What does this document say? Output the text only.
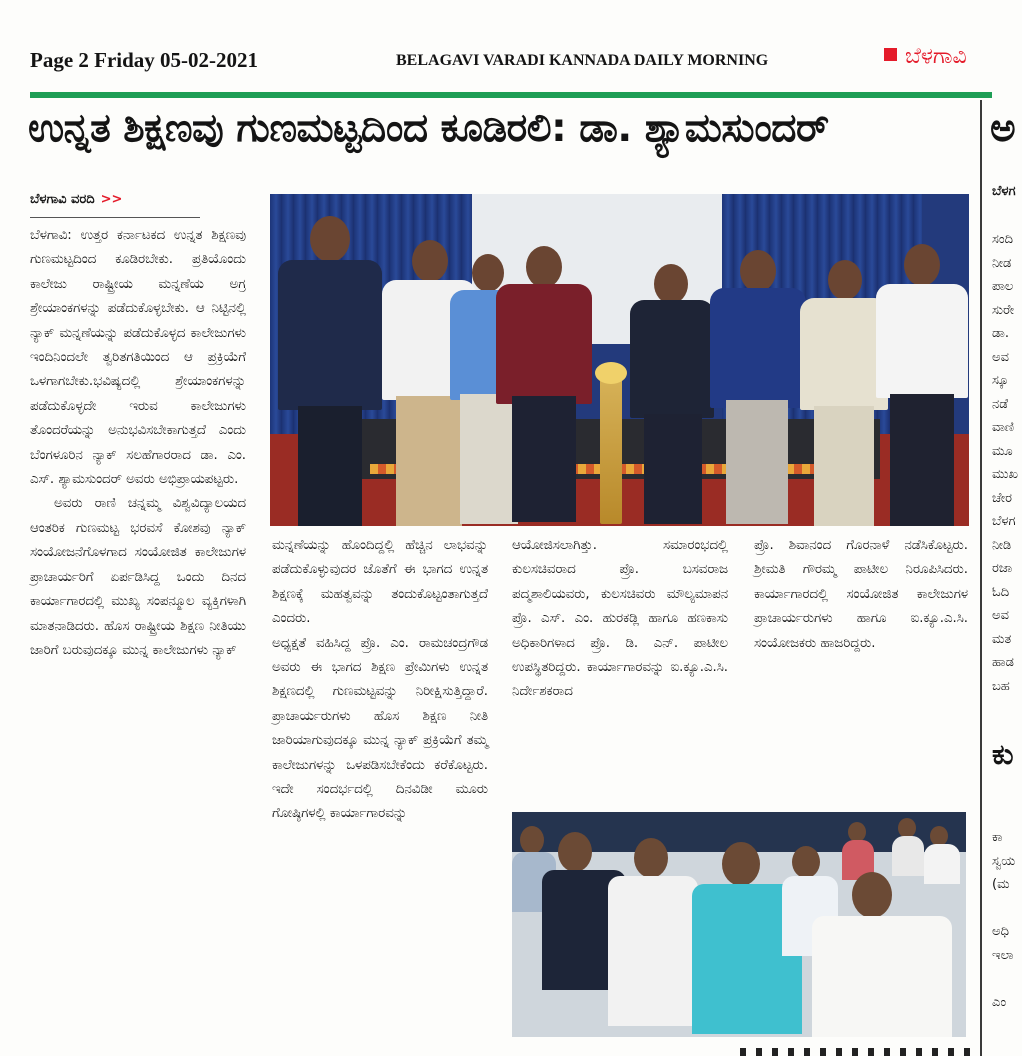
Page 2 Friday 05-02-2021	BELAGAVI VARADI KANNADA DAILY MORNING	ಬೆಳಗಾವಿ
ಉನ್ನತ ಶಿಕ್ಷಣವು ಗುಣಮಟ್ಟದಿಂದ ಕೂಡಿರಲಿ: ಡಾ. ಶ್ಯಾಮಸುಂದರ್	ಅ
ಬೆಳಗಾವಿ ವರದಿ >>

ಬೆಳಗಾವಿ: ಉತ್ತರ ಕರ್ನಾಟಕದ ಉನ್ನತ ಶಿಕ್ಷಣವು ಗುಣಮಟ್ಟದಿಂದ ಕೂಡಿರಬೇಕು. ಪ್ರತಿಯೊಂದು ಕಾಲೇಜು ರಾಷ್ಟ್ರೀಯ ಮನ್ನಣೆಯ ಅಗ್ರ ಶ್ರೇಯಾಂಕಗಳನ್ನು ಪಡೆದುಕೊಳ್ಳಬೇಕು. ಆ ನಿಟ್ಟಿನಲ್ಲಿ ನ್ಯಾಕ್ ಮನ್ನಣೆಯನ್ನು ಪಡೆದುಕೊಳ್ಳದ ಕಾಲೇಜುಗಳು ಇಂದಿನಿಂದಲೇ ತ್ವರಿತಗತಿಯಿಂದ ಆ ಪ್ರಕ್ರಿಯೆಗೆ ಒಳಗಾಗಬೇಕು.ಭವಿಷ್ಯದಲ್ಲಿ ಶ್ರೇಯಾಂಕಗಳನ್ನು ಪಡೆದುಕೊಳ್ಳದೇ ಇರುವ ಕಾಲೇಜುಗಳು ತೊಂದರೆಯನ್ನು ಅನುಭವಿಸಬೇಕಾಗುತ್ತದೆ ಎಂದು ಬೆಂಗಳೂರಿನ ನ್ಯಾಕ್ ಸಲಹೆಗಾರರಾದ ಡಾ. ಎಂ. ಎಸ್. ಶ್ಯಾಮಸುಂದರ್ ಅವರು ಅಭಿಪ್ರಾಯಪಟ್ಟರು.

ಅವರು ರಾಣಿ ಚನ್ನಮ್ಮ ವಿಶ್ವವಿದ್ಯಾಲಯದ ಆಂತರಿಕ ಗುಣಮಟ್ಟ ಭರವಸೆ ಕೋಶವು ನ್ಯಾಕ್ ಸಂಯೋಜನೆಗೊಳಗಾದ ಸಂಯೋಜಿತ ಕಾಲೇಜುಗಳ ಪ್ರಾಚಾರ್ಯರಿಗೆ ಏರ್ಪಡಿಸಿದ್ದ ಒಂದು ದಿನದ ಕಾರ್ಯಾಗಾರದಲ್ಲಿ ಮುಖ್ಯ ಸಂಪನ್ಮೂಲ ವ್ಯಕ್ತಿಗಳಾಗಿ ಮಾತನಾಡಿದರು. ಹೊಸ ರಾಷ್ಟ್ರೀಯ ಶಿಕ್ಷಣ ನೀತಿಯು ಜಾರಿಗೆ ಬರುವುದಕ್ಕೂ ಮುನ್ನ ಕಾಲೇಜುಗಳು ನ್ಯಾಕ್

ಮನ್ನಣೆಯನ್ನು ಹೊಂದಿದ್ದಲ್ಲಿ ಹೆಚ್ಚಿನ ಲಾಭವನ್ನು ಪಡೆದುಕೊಳ್ಳುವುದರ ಜೊತೆಗೆ ಈ ಭಾಗದ ಉನ್ನತ ಶಿಕ್ಷಣಕ್ಕೆ ಮಹತ್ವವನ್ನು ತಂದುಕೊಟ್ಟಂತಾಗುತ್ತದೆ ಎಂದರು.

ಅಧ್ಯಕ್ಷತೆ ವಹಿಸಿದ್ದ ಪ್ರೊ. ಎಂ. ರಾಮಚಂದ್ರಗೌಡ ಅವರು ಈ ಭಾಗದ ಶಿಕ್ಷಣ ಪ್ರೇಮಿಗಳು ಉನ್ನತ ಶಿಕ್ಷಣದಲ್ಲಿ ಗುಣಮಟ್ಟವನ್ನು ನಿರೀಕ್ಷಿಸುತ್ತಿದ್ದಾರೆ. ಪ್ರಾಚಾರ್ಯರುಗಳು ಹೊಸ ಶಿಕ್ಷಣ ನೀತಿ ಜಾರಿಯಾಗುವುದಕ್ಕೂ ಮುನ್ನ ನ್ಯಾಕ್ ಪ್ರಕ್ರಿಯೆಗೆ ತಮ್ಮ ಕಾಲೇಜುಗಳನ್ನು ಒಳಪಡಿಸಬೇಕೆಂದು ಕರೆಕೊಟ್ಟರು. ಇದೇ ಸಂದರ್ಭದಲ್ಲಿ ದಿನವಿಡೀ ಮೂರು ಗೋಷ್ಠಿಗಳಲ್ಲಿ ಕಾರ್ಯಾಗಾರವನ್ನು

ಆಯೋಜಿಸಲಾಗಿತ್ತು. ಸಮಾರಂಭದಲ್ಲಿ ಕುಲಸಚಿವರಾದ ಪ್ರೊ. ಬಸವರಾಜ ಪದ್ಮಶಾಲಿಯವರು, ಕುಲಸಚಿವರು ಮೌಲ್ಯಮಾಪನ ಪ್ರೊ. ಎಸ್. ಎಂ. ಹುರಕಡ್ಲಿ ಹಾಗೂ ಹಣಕಾಸು ಅಧಿಕಾರಿಗಳಾದ ಪ್ರೊ. ಡಿ. ಎನ್. ಪಾಟೀಲ ಉಪಸ್ಥಿತರಿದ್ದರು. ಕಾರ್ಯಾಗಾರವನ್ನು ಐ.ಕ್ಯೂ.ಎ.ಸಿ. ನಿರ್ದೇಶಕರಾದ

ಪ್ರೊ. ಶಿವಾನಂದ ಗೊರನಾಳೆ ನಡೆಸಿಕೊಟ್ಟರು. ಶ್ರೀಮತಿ ಗೌರಮ್ಮ ಪಾಟೀಲ ನಿರೂಪಿಸಿದರು. ಕಾರ್ಯಾಗಾರದಲ್ಲಿ ಸಂಯೋಜಿತ ಕಾಲೇಜುಗಳ ಪ್ರಾಚಾರ್ಯರುಗಳು ಹಾಗೂ ಐ.ಕ್ಯೂ.ಎ.ಸಿ. ಸಂಯೋಜಕರು ಹಾಜರಿದ್ದರು.

ಬೆಳಗ
ಸಂದಿ
ನೀಡ
ಪಾಲ
ಸುರೇ
ಡಾ.
ಅವ
ಸ್ಕೂ
ನಡೆ
ವಾಣಿ
ಮೂ
ಮುಖ
ಚೇರ
ಬೆಳಗ
ನೀಡಿ
ರಜಾ
ಓದಿ
ಅವ
ಮತ
ಹಾಡ
ಬಹ
ಕು
ಕಾ
ಸ್ವಯ
(ಮ

ಅಧಿ
ಇಲಾ

ಎಂ
